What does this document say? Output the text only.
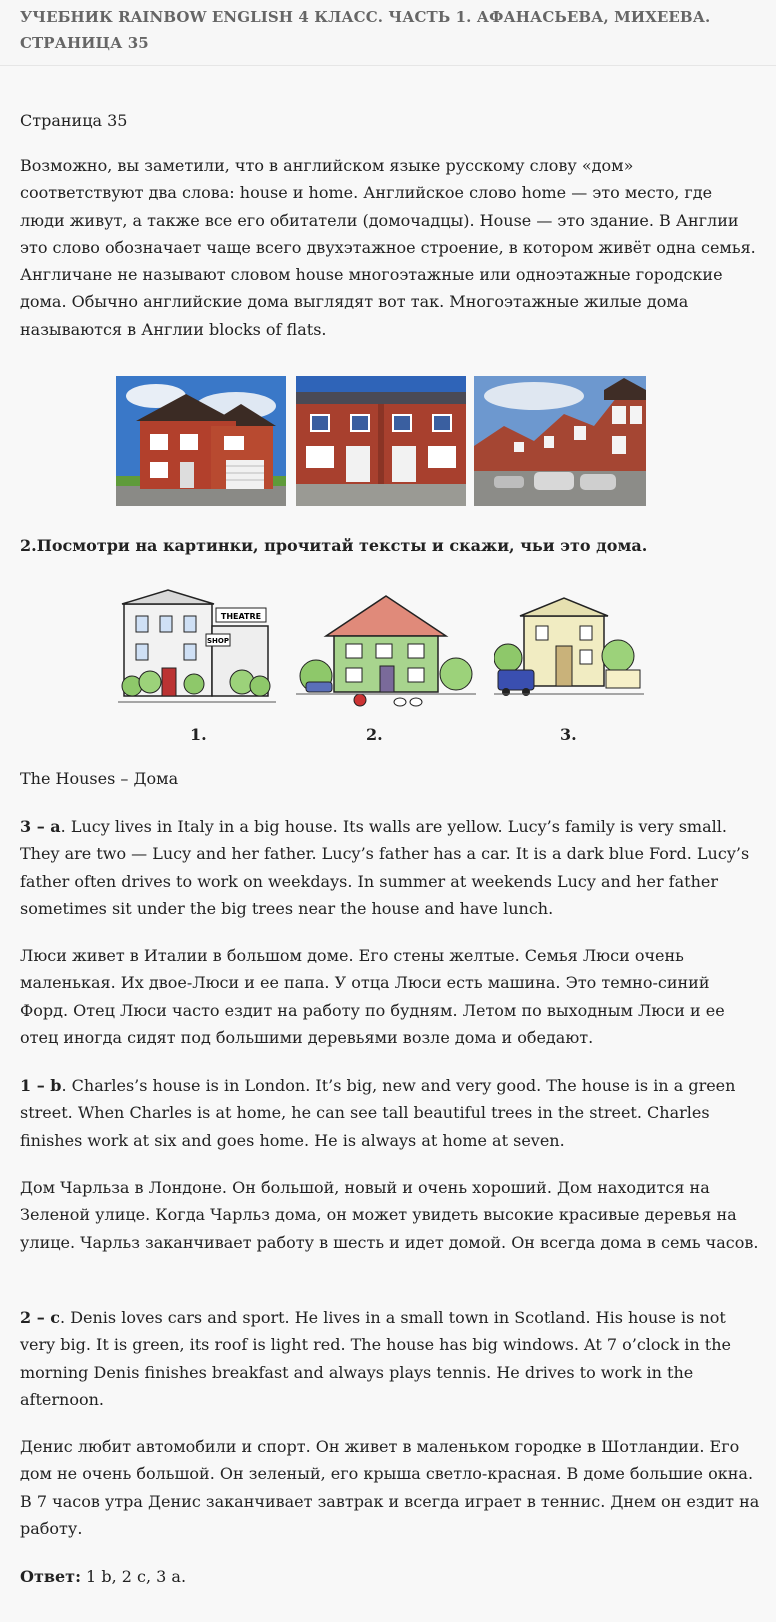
УЧЕБНИК RAINBOW ENGLISH 4 КЛАСС. ЧАСТЬ 1. АФАНАСЬЕВА, МИХЕЕВА. СТРАНИЦА 35

Страница 35

Возможно, вы заметили, что в английском языке русскому слову «дом» соответствуют два слова: house и home. Английское слово home — это место, где люди живут, а также все его обитатели (домочадцы). House — это здание. В Англии это слово обозначает чаще всего двухэтажное строение, в котором живёт одна семья. Англичане не называют словом house многоэтажные или одноэтажные городские дома. Обычно английские дома выглядят вот так. Многоэтажные жилые дома называются в Англии blocks of flats.

2.Посмотри на картинки, прочитай тексты и скажи, чьи это дома.

THEATRE
SHOP
1.	2.	3.

The Houses – Дома

3 – a. Lucy lives in Italy in a big house. Its walls are yellow. Lucy’s family is very small. They are two — Lucy and her father. Lucy’s father has a car. It is a dark blue Ford. Lucy’s father often drives to work on weekdays. In summer at weekends Lucy and her father sometimes sit under the big trees near the house and have lunch.

Люси живет в Италии в большом доме. Его стены желтые. Семья Люси очень маленькая. Их двое-Люси и ее папа. У отца Люси есть машина. Это темно-синий Форд. Отец Люси часто ездит на работу по будням. Летом по выходным Люси и ее отец иногда сидят под большими деревьями возле дома и обедают.

1 – b. Charles’s house is in London. It’s big, new and very good. The house is in a green street. When Charles is at home, he can see tall beautiful trees in the street. Charles finishes work at six and goes home. He is always at home at seven.

Дом Чарльза в Лондоне. Он большой, новый и очень хороший. Дом находится на Зеленой улице. Когда Чарльз дома, он может увидеть высокие красивые деревья на улице. Чарльз заканчивает работу в шесть и идет домой. Он всегда дома в семь часов.

2 – c. Denis loves cars and sport. He lives in a small town in Scotland. His house is not very big. It is green, its roof is light red. The house has big windows. At 7 o’clock in the morning Denis finishes breakfast and always plays tennis. He drives to work in the afternoon.

Денис любит автомобили и спорт. Он живет в маленьком городке в Шотландии. Его дом не очень большой. Он зеленый, его крыша светло-красная. В доме большие окна. В 7 часов утра Денис заканчивает завтрак и всегда играет в теннис. Днем он ездит на работу.

Ответ: 1 b, 2 c, 3 a.
